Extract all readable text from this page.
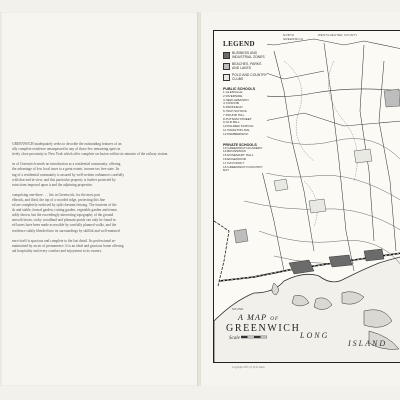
GREENWICH inadequately seeks to describe the outstanding features of an
ally complete residence unsurpassed in any of those few remaining spots in
tively close proximity to New York which offer complete seclusion within six minutes of the railway station.

ns of Greenwich needs no introduction as a residential community, offering
the advantage of low local taxes to a great extent, income tax free state. Its
ing of a residential community is assured by well-written ordinances carefully
with that end in view, and this particular property is further protected by
estrictions imposed upon it and the adjoining properties.

comprising one-three . . . lies in Greenwich, for the most part
elbrook, and third, the top of a wooded ridge, protecting this line
ed are completely enclosed by split chestnut fencing. The fourteen of the
sh and stable, formal garden, cutting garden, vegetable garden and tennis
arbly shown, but the exceedingly interesting topography of the ground
smooth lawns, rocky woodland and pleasant ponds can only be found in
ed lawns have been made accessible by carefully planned walks, and the
residence subtly blended into its surroundings by skillful and well-matured

ence itself is spacious and complete to the last detail. Its professional ar-
maintained by an air of permanence. It is an ideal and gracious home offering
ual hospitality and every comfort and enjoyment to its owners.

LEGEND
BUSINESS AND INDUSTRIAL ZONES
BEACHES, PARKS AND LAKES
POLO AND COUNTRY CLUBS
PUBLIC SCHOOLS
1 GLENVILLE
2 RIVERSIDE
3 NEW LEBANON
4 COSCOB
5 PARKFIELD
6 HIGH SCHOOL
7 ROUND HILL
8 PUTNAM STREET
9 OLD MILL
10 PALMER SCHOOL
11 HAMILTON AVE
12 PEMBERWICK
PRIVATE SCHOOLS
13 GREENWICH ACADEMY
14 BRUNSWICK
15 ROSEMARY HALL
16 EDGEWOOD
17 DAYCROFT
18 GREENWICH COUNTRY DAY
NORTH
GREENWICH
WESTCHESTER COUNTY
SOUND
A MAP OF
GREENWICH
Scale	LONG
ISLAND
Copyright 1937, by W.D. Allen
